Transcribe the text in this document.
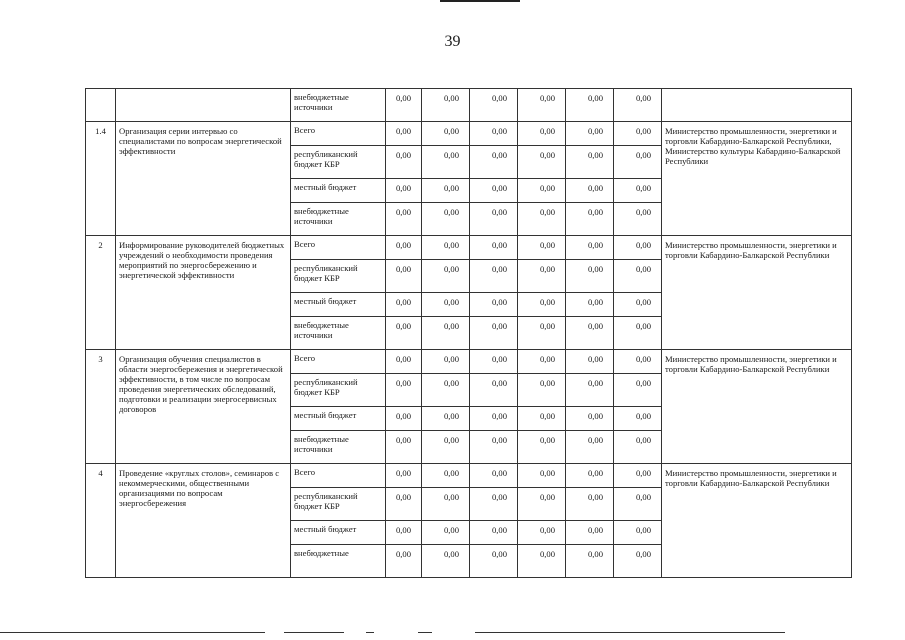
39
		внебюджетные источники	0,00	0,00	0,00	0,00	0,00	0,00	
1.4	Организация серии интервью со специалистами по вопросам энергетической эффективности	Всего	0,00	0,00	0,00	0,00	0,00	0,00	Министерство промышленности, энергетики и торговли Кабардино-Балкарской Республики, Министерство культуры Кабардино-Балкарской Республики
		республиканский бюджет КБР	0,00	0,00	0,00	0,00	0,00	0,00	
		местный бюджет	0,00	0,00	0,00	0,00	0,00	0,00	
		внебюджетные источники	0,00	0,00	0,00	0,00	0,00	0,00	
2	Информирование руководителей бюджетных учреждений о необходимости проведения мероприятий по энергосбережению и энергетической эффективности	Всего	0,00	0,00	0,00	0,00	0,00	0,00	Министерство промышленности, энергетики и торговли Кабардино-Балкарской Республики
		республиканский бюджет КБР	0,00	0,00	0,00	0,00	0,00	0,00	
		местный бюджет	0,00	0,00	0,00	0,00	0,00	0,00	
		внебюджетные источники	0,00	0,00	0,00	0,00	0,00	0,00	
3	Организация обучения специалистов в области энергосбережения и энергетической эффективности, в том числе по вопросам проведения энергетических обследований, подготовки и реализации энергосервисных договоров	Всего	0,00	0,00	0,00	0,00	0,00	0,00	Министерство промышленности, энергетики и торговли Кабардино-Балкарской Республики
		республиканский бюджет КБР	0,00	0,00	0,00	0,00	0,00	0,00	
		местный бюджет	0,00	0,00	0,00	0,00	0,00	0,00	
		внебюджетные источники	0,00	0,00	0,00	0,00	0,00	0,00	
4	Проведение «круглых столов», семинаров с некоммерческими, общественными организациями по вопросам энергосбережения	Всего	0,00	0,00	0,00	0,00	0,00	0,00	Министерство промышленности, энергетики и торговли Кабардино-Балкарской Республики
		республиканский бюджет КБР	0,00	0,00	0,00	0,00	0,00	0,00	
		местный бюджет	0,00	0,00	0,00	0,00	0,00	0,00	
		внебюджетные	0,00	0,00	0,00	0,00	0,00	0,00	
